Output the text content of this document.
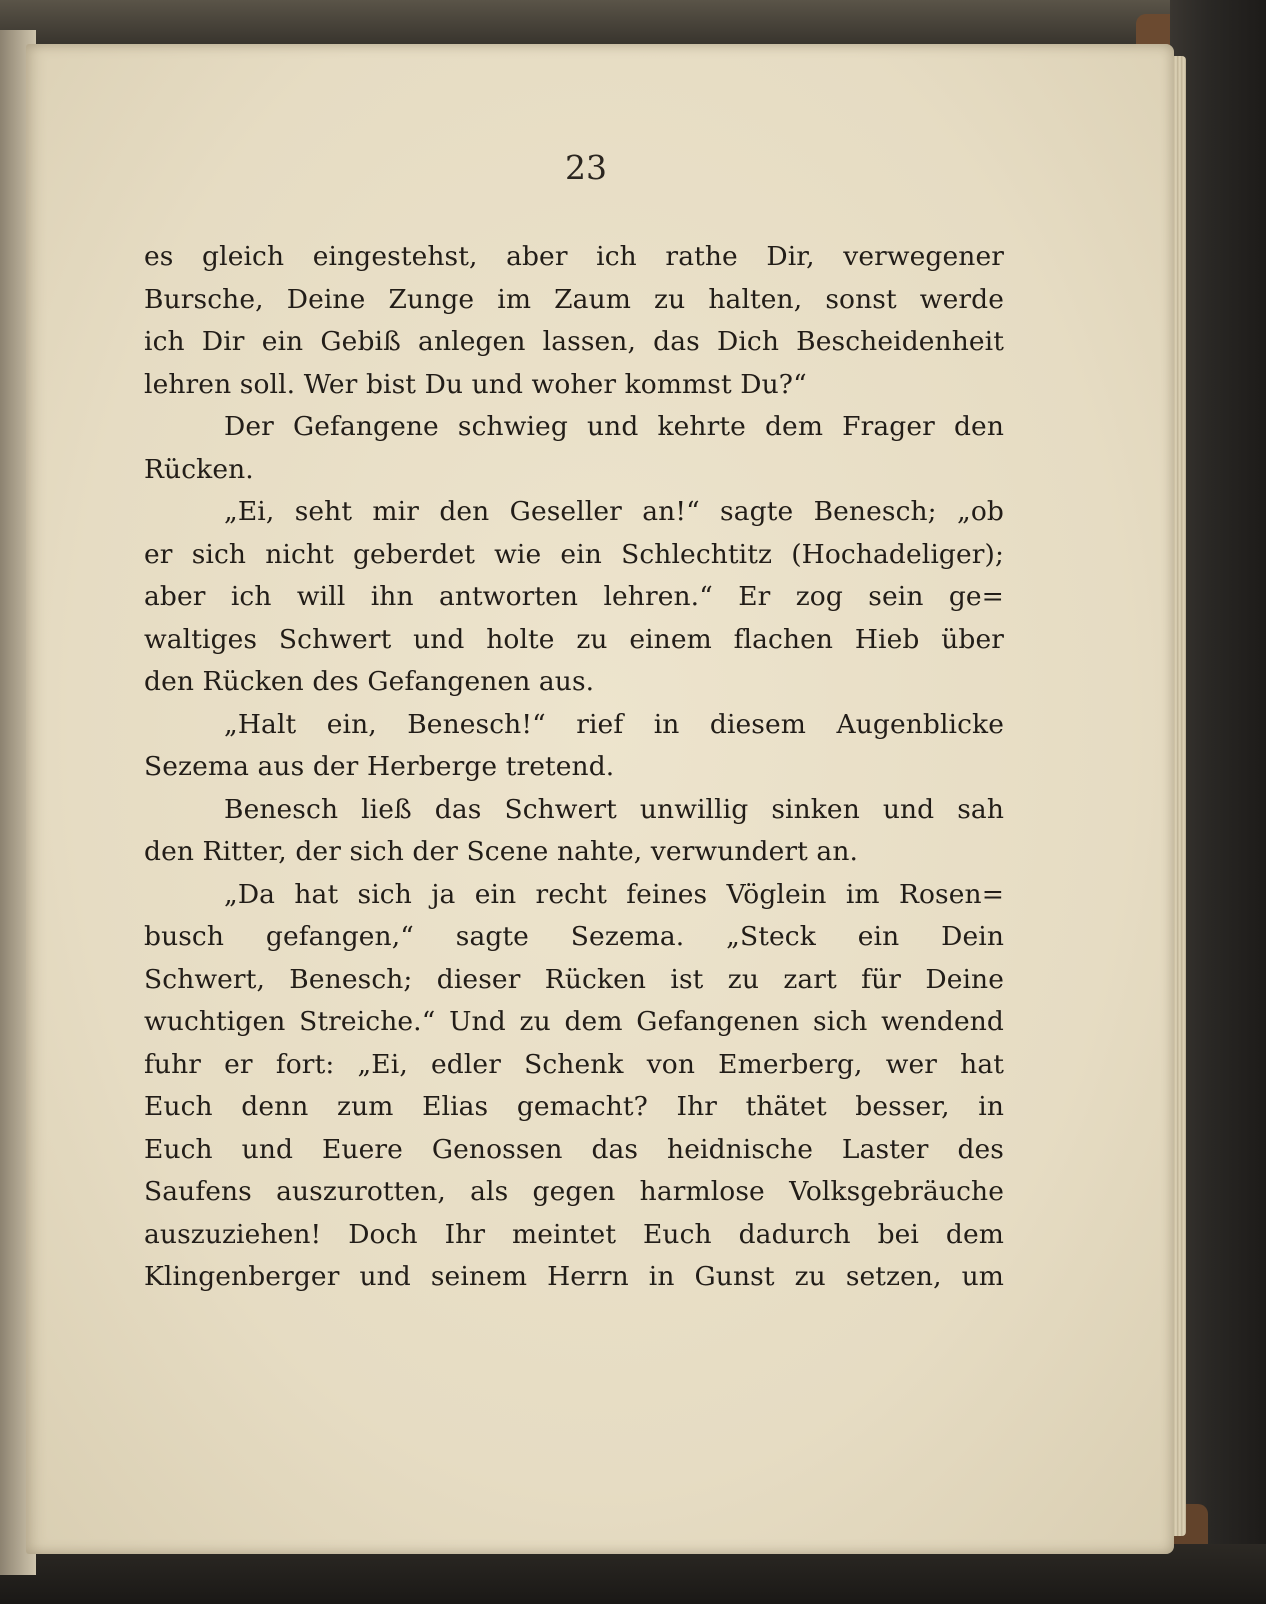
23
es gleich eingestehst, aber ich rathe Dir, verwegener
Bursche, Deine Zunge im Zaum zu halten, sonst werde
ich Dir ein Gebiß anlegen lassen, das Dich Bescheidenheit
lehren soll. Wer bist Du und woher kommst Du?“
Der Gefangene schwieg und kehrte dem Frager den
Rücken.
„Ei, seht mir den Geseller an!“ sagte Benesch; „ob
er sich nicht geberdet wie ein Schlechtitz (Hochadeliger);
aber ich will ihn antworten lehren.“ Er zog sein ge=
waltiges Schwert und holte zu einem flachen Hieb über
den Rücken des Gefangenen aus.
„Halt ein, Benesch!“ rief in diesem Augenblicke
Sezema aus der Herberge tretend.
Benesch ließ das Schwert unwillig sinken und sah
den Ritter, der sich der Scene nahte, verwundert an.
„Da hat sich ja ein recht feines Vöglein im Rosen=
busch gefangen,“ sagte Sezema. „Steck ein Dein
Schwert, Benesch; dieser Rücken ist zu zart für Deine
wuchtigen Streiche.“ Und zu dem Gefangenen sich wendend
fuhr er fort: „Ei, edler Schenk von Emerberg, wer hat
Euch denn zum Elias gemacht? Ihr thätet besser, in
Euch und Euere Genossen das heidnische Laster des
Saufens auszurotten, als gegen harmlose Volksgebräuche
auszuziehen! Doch Ihr meintet Euch dadurch bei dem
Klingenberger und seinem Herrn in Gunst zu setzen, um
